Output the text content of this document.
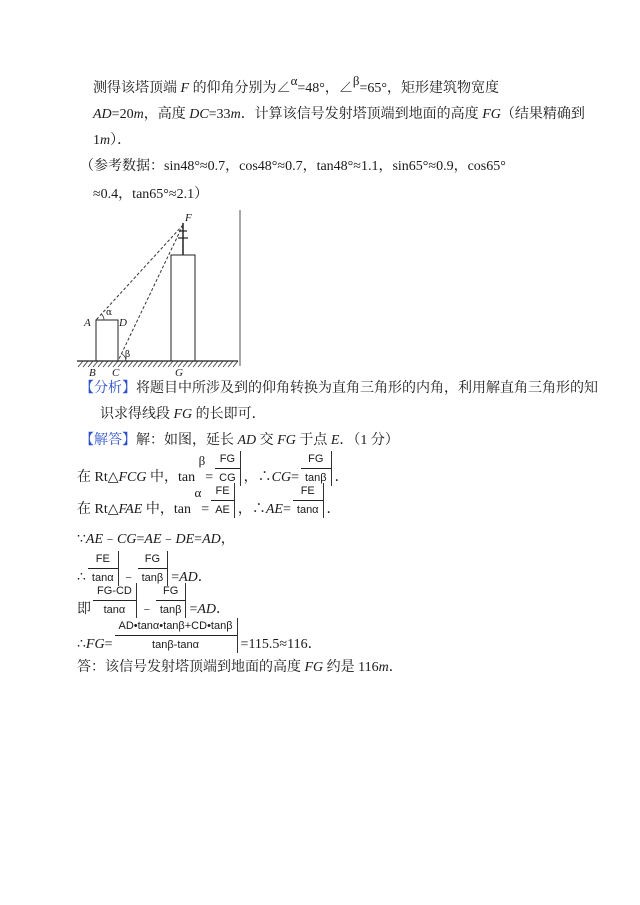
测得该塔顶端 F 的仰角分别为∠α=48°，∠β=65°，矩形建筑物宽度
AD=20m，高度 DC=33m．计算该信号发射塔顶端到地面的高度 FG（结果精确到
1m）．
（参考数据：sin48°≈0.7，cos48°≈0.7，tan48°≈1.1，sin65°≈0.9，cos65°
≈0.4，tan65°≈2.1）
F
A	D
α
B C
β
G
【分析】将题目中所涉及到的仰角转换为直角三角形的内角，利用解直角三角形的知
识求得线段 FG 的长即可．
【解答】解：如图，延长 AD 交 FG 于点 E．（1 分）
在 Rt△ FCG 中，tan
β
= $\frac{FG}{CG}$ ，∴ CG = $\frac{FG}{\tan\beta}$ ．
在 Rt△ FAE 中，tan
α
= $\frac{FE}{AE}$ ，∴ AE = $\frac{FE}{\tan\alpha}$ ．
∵AE﹣CG=AE﹣DE=AD，
∴ $\frac{FE}{\tan\alpha}$ ﹣ $\frac{FG}{\tan\beta}$ = AD ．
即 $\frac{FG-CD}{\tan\alpha}$ ﹣ $\frac{FG}{\tan\beta}$ = AD ．
∴ FG = $\frac{AD•\tan\alpha•\tan\beta+CD•\tan\beta}{\tan\beta-\tan\alpha} =115.5\approx 116$．
答：该信号发射塔顶端到地面的高度 FG 约是 116m．
